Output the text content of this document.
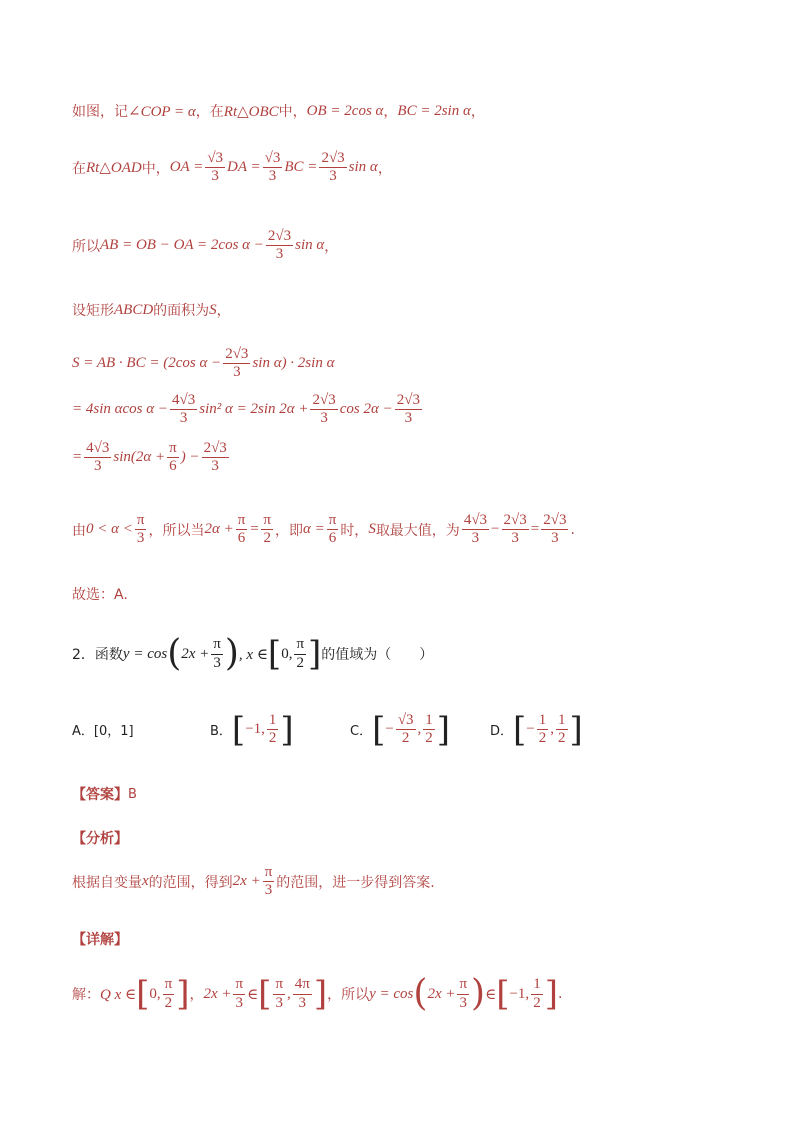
如图，记 ∠COP = α ，在 Rt△OBC 中， OB = 2cos α ， BC = 2sin α ，
在 Rt△OAD 中， OA = $\frac{√3}{3}$ DA = $\frac{√3}{3}$ BC = $\frac{2√3}{3}$ sin α ，
所以 AB = OB − OA = 2cos $\alpha - \frac{2√3}{3}$ sin α ，
设矩形 ABCD 的面积为 S ，
S = AB · BC = (2cos $\alpha - \frac{2√3}{3}$ sin α) · 2sin α
= 4sin αcos $\alpha - \frac{4√3}{3} \sin^2$ α = 2sin $2\alpha + \frac{2√3}{3}$ $\cos 2\alpha - \frac{2√3}{3}$
= $\frac{4√3}{3} \sin(2\alpha + \frac{\pi}{6}$ ) − $\frac{2√3}{3}$
由 $0 < \alpha < \frac{\pi}{3}$ ，所以当 $2\alpha + \frac{\pi}{6} = \frac{\pi}{2}$ ，即 $\alpha = \frac{\pi}{6}$ 时， S 取最大值，为 $\frac{4√3}{3} - \frac{2√3}{3} = \frac{2√3}{3}$ .
故选：A.
2．函数 y = cos ( $2x + \frac{\pi}{3}$ ) , x ∈ [ 0, $\frac{\pi}{2}$ ] 的值域为（　　）
A． [0，1]	B． [ −1, $\frac{1}{2}$ ]	C． [ − $\frac{√3}{2}$ , $\frac{1}{2}$ ]	D． [ − $\frac{1}{2}$ , $\frac{1}{2}$ ]
【答案】 B
【分析】
根据自变量 x 的范围，得到 $2x + \frac{\pi}{3}$ 的范围，进一步得到答案.
【详解】
解： Q x ∈ [ 0, $\frac{\pi}{2}$ ] ， $2x + \frac{\pi}{3}$ ∈ [ $\frac{\pi}{3}$ , $\frac{4\pi}{3}$ ] ，所以 y = cos ( $2x + \frac{\pi}{3}$ ) ∈ [ −1, $\frac{1}{2}$ ] .
